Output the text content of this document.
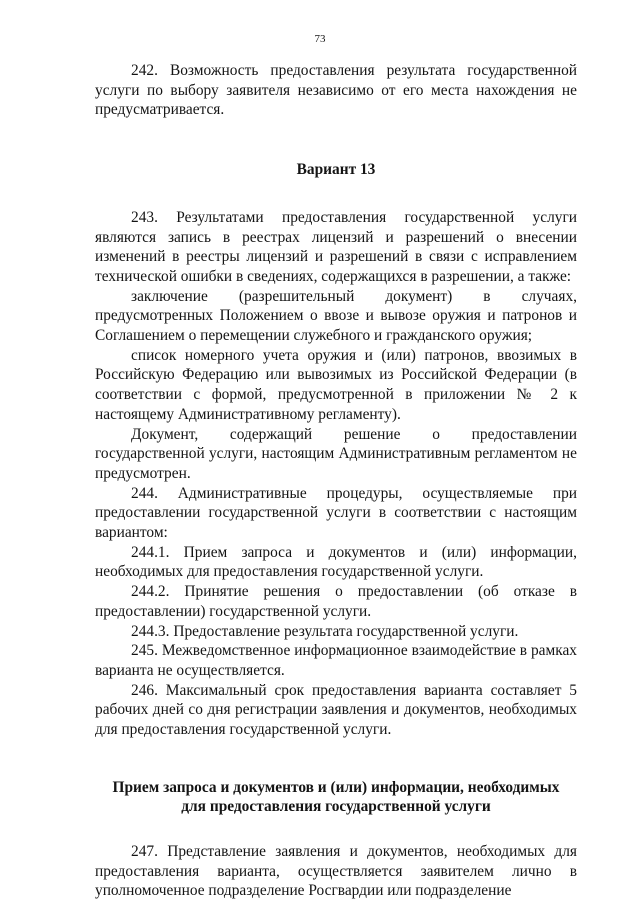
73

242. Возможность предоставления результата государственной услуги по выбору заявителя независимо от его места нахождения не предусматривается.

Вариант 13

243. Результатами предоставления государственной услуги являются запись в реестрах лицензий и разрешений о внесении изменений в реестры лицензий и разрешений в связи с исправлением технической ошибки в сведениях, содержащихся в разрешении, а также:

заключение (разрешительный документ) в случаях, предусмотренных Положением о ввозе и вывозе оружия и патронов и Соглашением о перемещении служебного и гражданского оружия;

список номерного учета оружия и (или) патронов, ввозимых в Российскую Федерацию или вывозимых из Российской Федерации (в соответствии с формой, предусмотренной в приложении № 2 к настоящему Административному регламенту).

Документ, содержащий решение о предоставлении государственной услуги, настоящим Административным регламентом не предусмотрен.

244. Административные процедуры, осуществляемые при предоставлении государственной услуги в соответствии с настоящим вариантом:

244.1. Прием запроса и документов и (или) информации, необходимых для предоставления государственной услуги.

244.2. Принятие решения о предоставлении (об отказе в предоставлении) государственной услуги.

244.3. Предоставление результата государственной услуги.

245. Межведомственное информационное взаимодействие в рамках варианта не осуществляется.

246. Максимальный срок предоставления варианта составляет 5 рабочих дней со дня регистрации заявления и документов, необходимых для предоставления государственной услуги.

Прием запроса и документов и (или) информации, необходимых

для предоставления государственной услуги

247. Представление заявления и документов, необходимых для предоставления варианта, осуществляется заявителем лично в уполномоченное подразделение Росгвардии или подразделение
